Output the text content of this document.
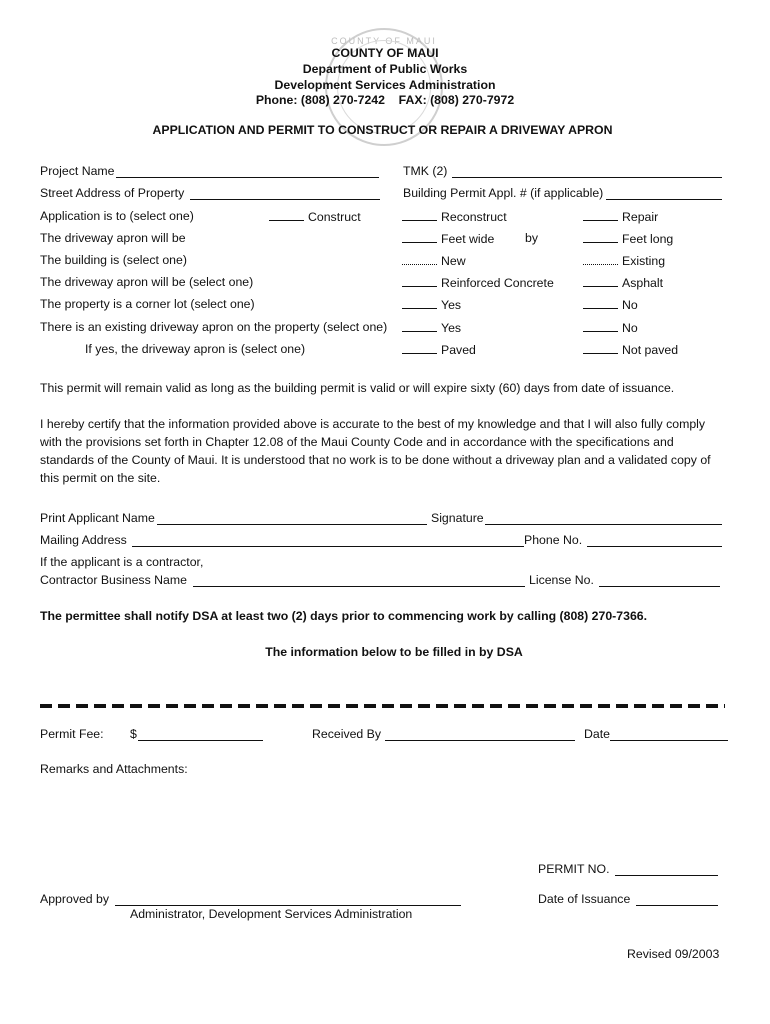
COUNTY OF MAUI
COUNTY OF MAUI
Department of Public Works
Development Services Administration
Phone: (808) 270-7242    FAX: (808) 270-7972
APPLICATION AND PERMIT TO CONSTRUCT OR REPAIR A DRIVEWAY APRON
Project Name	TMK (2)
Street Address of Property	Building Permit Appl. # (if applicable)
Application is to (select one)	Construct	Reconstruct	Repair
The driveway apron will be	Feet wide by	Feet long
The building is (select one)	New	Existing
The driveway apron will be (select one)	Reinforced Concrete	Asphalt
The property is a corner lot (select one)	Yes	No
There is an existing driveway apron on the property (select one)	Yes	No
If yes, the driveway apron is (select one)	Paved	Not paved
This permit will remain valid as long as the building permit is valid or will expire sixty (60) days from date of issuance.
I hereby certify that the information provided above is accurate to the best of my knowledge and that I will also fully comply
with the provisions set forth in Chapter 12.08 of the Maui County Code and in accordance with the specifications and
standards of the County of Maui. It is understood that no work is to be done without a driveway plan and a validated copy of
this permit on the site.
Print Applicant Name	Signature
Mailing Address	Phone No.
If the applicant is a contractor,
Contractor Business Name	License No.
The permittee shall notify DSA at least two (2) days prior to commencing work by calling (808) 270-7366.
The information below to be filled in by DSA
Permit Fee: $	Received By	Date
Remarks and Attachments:
PERMIT NO.
Approved by	Date of Issuance
Administrator, Development Services Administration
Revised 09/2003
